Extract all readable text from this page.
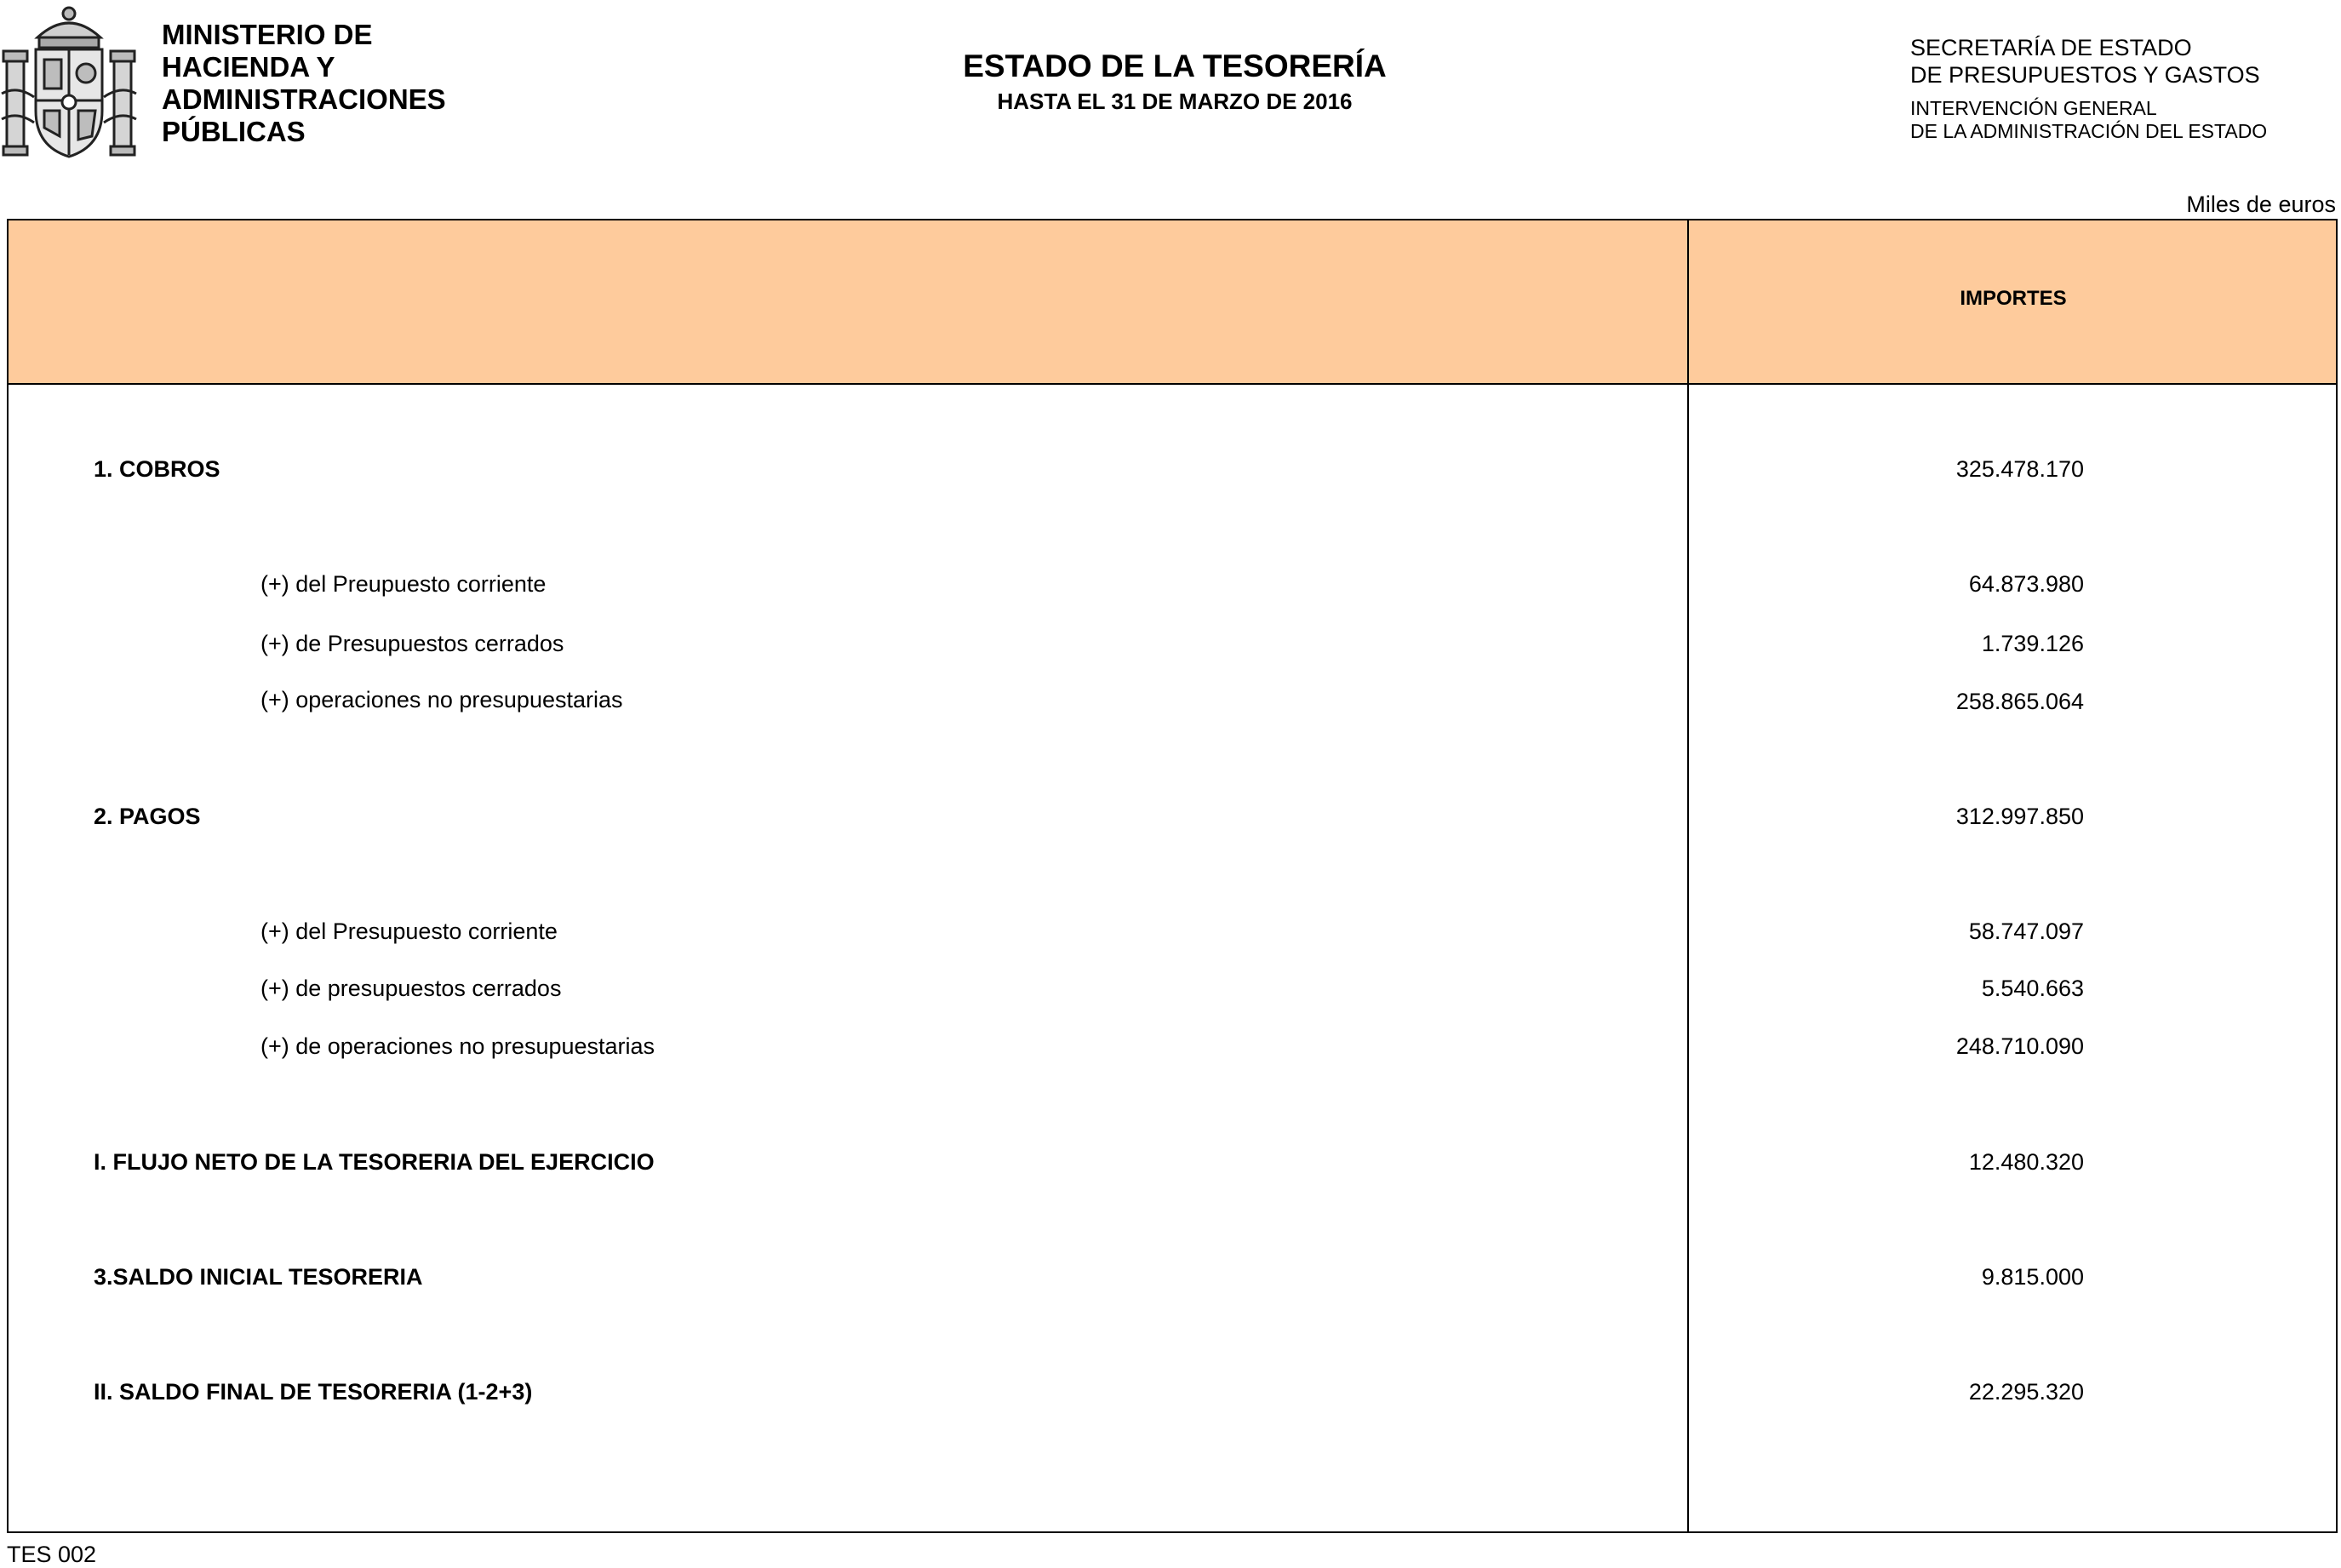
MINISTERIO DE
HACIENDA Y
ADMINISTRACIONES
PÚBLICAS
ESTADO DE LA TESORERÍA
HASTA EL 31 DE MARZO DE 2016
SECRETARÍA DE ESTADO
DE PRESUPUESTOS Y GASTOS
INTERVENCIÓN GENERAL
DE LA ADMINISTRACIÓN DEL ESTADO
Miles de euros
IMPORTES
1. COBROS	325.478.170
(+) del Preupuesto corriente	64.873.980
(+) de Presupuestos cerrados	1.739.126
(+) operaciones no presupuestarias	258.865.064
2. PAGOS	312.997.850
(+) del Presupuesto corriente	58.747.097
(+) de presupuestos cerrados	5.540.663
(+) de operaciones no presupuestarias	248.710.090
I. FLUJO NETO DE LA TESORERIA DEL EJERCICIO	12.480.320
3.SALDO INICIAL TESORERIA	9.815.000
II. SALDO FINAL DE TESORERIA (1-2+3)	22.295.320
TES 002
